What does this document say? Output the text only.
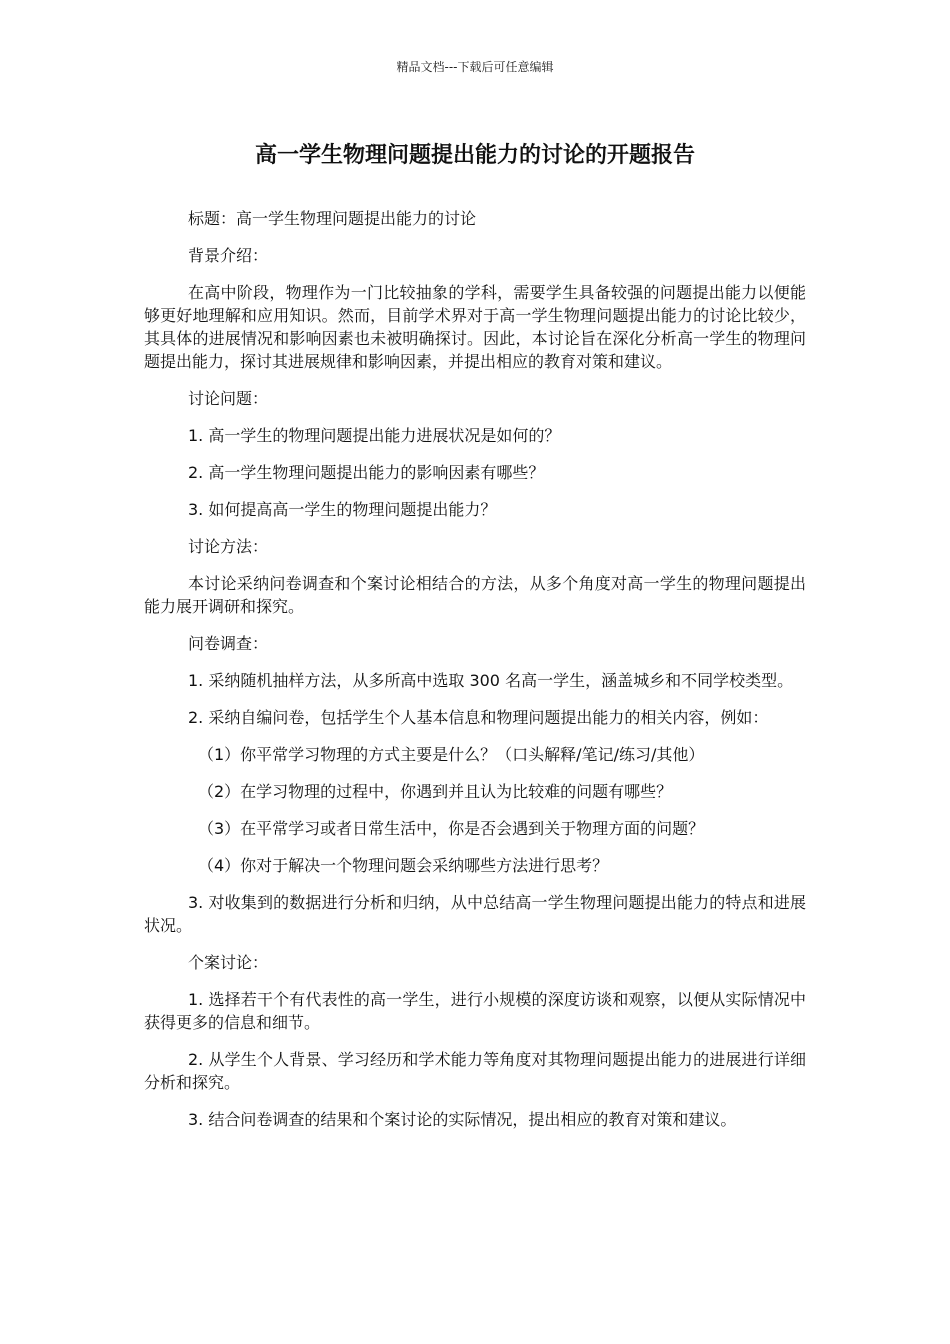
精品文档---下载后可任意编辑
高一学生物理问题提出能力的讨论的开题报告

标题：高一学生物理问题提出能力的讨论

背景介绍：

在高中阶段，物理作为一门比较抽象的学科，需要学生具备较强的问题提出能力以便能够更好地理解和应用知识。然而，目前学术界对于高一学生物理问题提出能力的讨论比较少，其具体的进展情况和影响因素也未被明确探讨。因此，本讨论旨在深化分析高一学生的物理问题提出能力，探讨其进展规律和影响因素，并提出相应的教育对策和建议。

讨论问题：

1. 高一学生的物理问题提出能力进展状况是如何的？

2. 高一学生物理问题提出能力的影响因素有哪些？

3. 如何提高高一学生的物理问题提出能力？

讨论方法：

本讨论采纳问卷调查和个案讨论相结合的方法，从多个角度对高一学生的物理问题提出能力展开调研和探究。

问卷调查：

1. 采纳随机抽样方法，从多所高中选取 300 名高一学生，涵盖城乡和不同学校类型。

2. 采纳自编问卷，包括学生个人基本信息和物理问题提出能力的相关内容，例如：

（1）你平常学习物理的方式主要是什么？（口头解释/笔记/练习/其他）

（2）在学习物理的过程中，你遇到并且认为比较难的问题有哪些？

（3）在平常学习或者日常生活中，你是否会遇到关于物理方面的问题？

（4）你对于解决一个物理问题会采纳哪些方法进行思考？

3. 对收集到的数据进行分析和归纳，从中总结高一学生物理问题提出能力的特点和进展状况。

个案讨论：

1. 选择若干个有代表性的高一学生，进行小规模的深度访谈和观察，以便从实际情况中获得更多的信息和细节。

2. 从学生个人背景、学习经历和学术能力等角度对其物理问题提出能力的进展进行详细分析和探究。

3. 结合问卷调查的结果和个案讨论的实际情况，提出相应的教育对策和建议。
